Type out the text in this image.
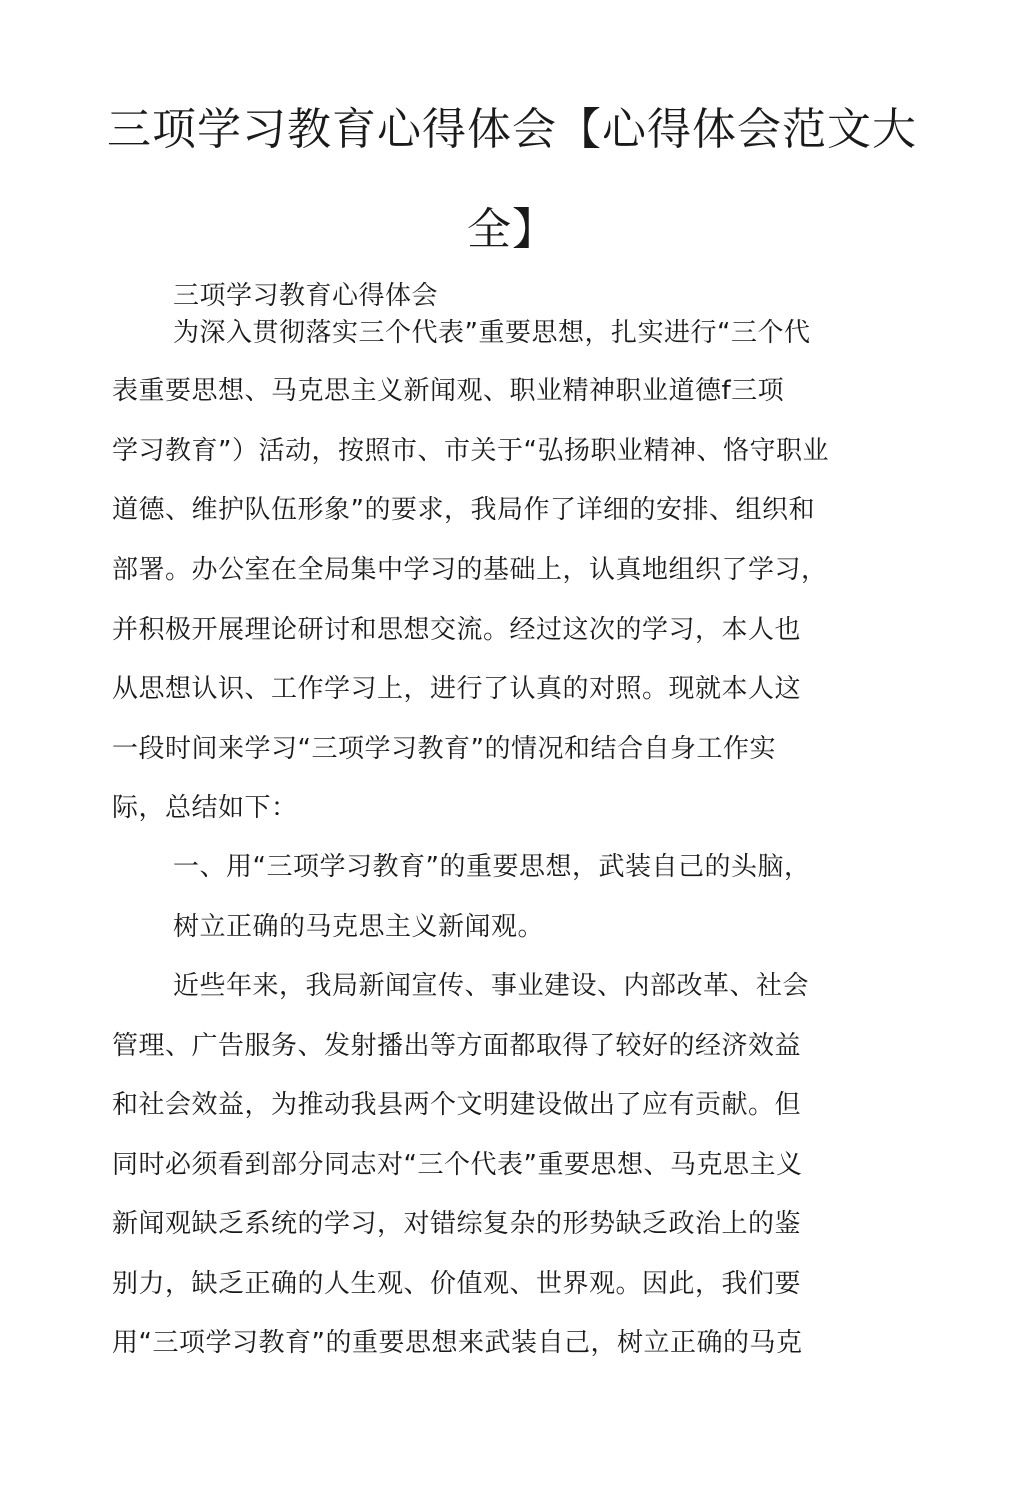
三项学习教育心得体会【心得体会范文大
全】
三项学习教育心得体会
为深入贯彻落实三个代表”重要思想，扎实进行“三个代
表重要思想、马克思主义新闻观、职业精神职业道德f三项
学习教育”）活动，按照市、市关于“弘扬职业精神、恪守职业
道德、维护队伍形象”的要求，我局作了详细的安排、组织和
部署。办公室在全局集中学习的基础上，认真地组织了学习，
并积极开展理论研讨和思想交流。经过这次的学习，本人也
从思想认识、工作学习上，进行了认真的对照。现就本人这
一段时间来学习“三项学习教育”的情况和结合自身工作实
际，总结如下：
一、用“三项学习教育”的重要思想，武装自己的头脑，
树立正确的马克思主义新闻观。
近些年来，我局新闻宣传、事业建设、内部改革、社会
管理、广告服务、发射播出等方面都取得了较好的经济效益
和社会效益，为推动我县两个文明建设做出了应有贡献。但
同时必须看到部分同志对“三个代表”重要思想、马克思主义
新闻观缺乏系统的学习，对错综复杂的形势缺乏政治上的鉴
别力，缺乏正确的人生观、价值观、世界观。因此，我们要
用“三项学习教育”的重要思想来武装自己，树立正确的马克
